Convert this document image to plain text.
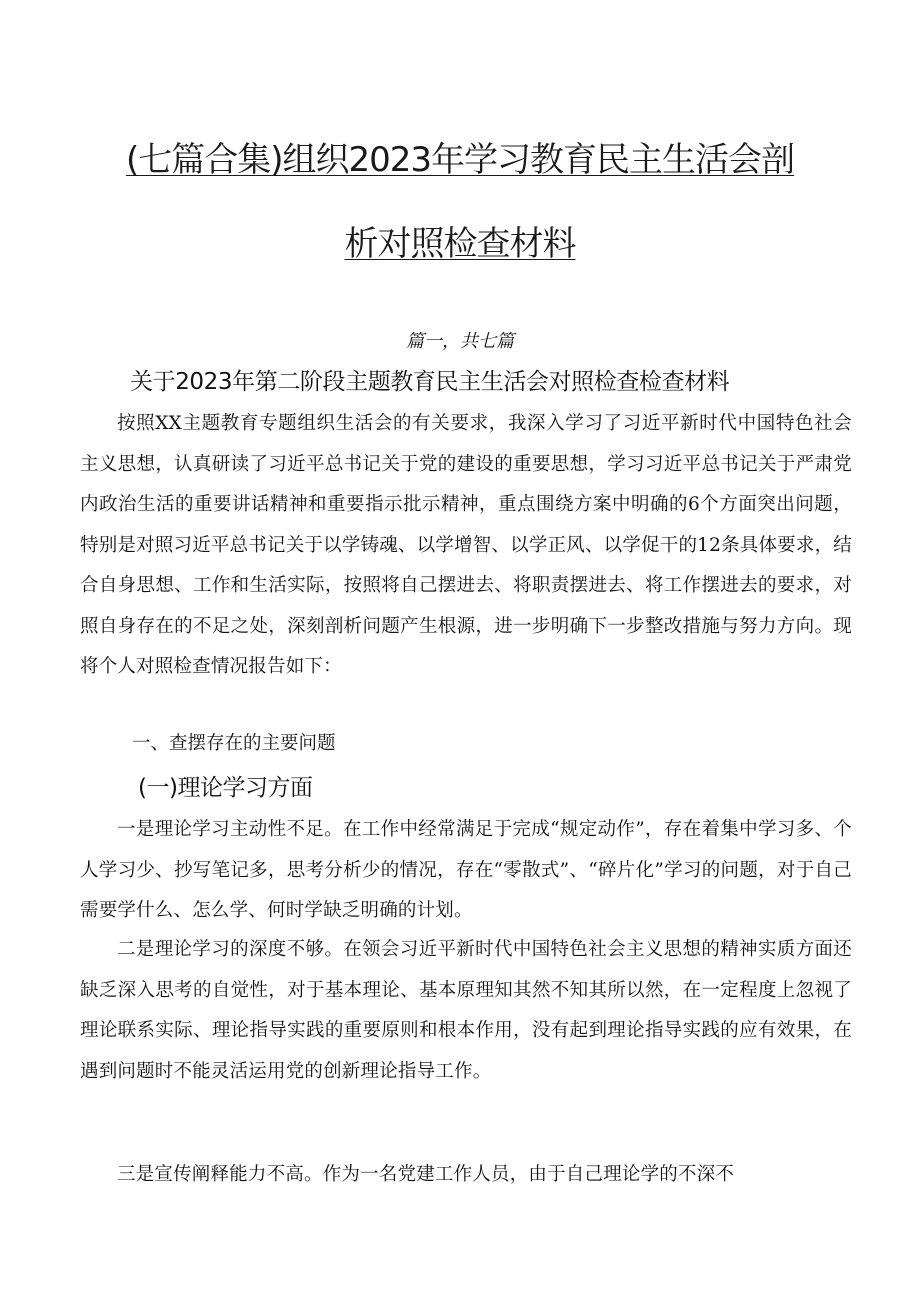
(七篇合集)组织2023年学习教育民主生活会剖
析对照检查材料
篇一，共七篇
关于2023年第二阶段主题教育民主生活会对照检查检查材料
按照XX主题教育专题组织生活会的有关要求，我深入学习了习近平新时代中国特色社会主义思想，认真研读了习近平总书记关于党的建设的重要思想，学习习近平总书记关于严肃党内政治生活的重要讲话精神和重要指示批示精神，重点围绕方案中明确的6个方面突出问题，特别是对照习近平总书记关于以学铸魂、以学增智、以学正风、以学促干的12条具体要求，结合自身思想、工作和生活实际，按照将自己摆进去、将职责摆进去、将工作摆进去的要求，对照自身存在的不足之处，深刻剖析问题产生根源，进一步明确下一步整改措施与努力方向。现将个人对照检查情况报告如下：
一、查摆存在的主要问题
(一)理论学习方面
一是理论学习主动性不足。在工作中经常满足于完成“规定动作”，存在着集中学习多、个人学习少、抄写笔记多，思考分析少的情况，存在“零散式”、“碎片化”学习的问题，对于自己需要学什么、怎么学、何时学缺乏明确的计划。
二是理论学习的深度不够。在领会习近平新时代中国特色社会主义思想的精神实质方面还缺乏深入思考的自觉性，对于基本理论、基本原理知其然不知其所以然，在一定程度上忽视了理论联系实际、理论指导实践的重要原则和根本作用，没有起到理论指导实践的应有效果，在遇到问题时不能灵活运用党的创新理论指导工作。
三是宣传阐释能力不高。作为一名党建工作人员，由于自己理论学的不深不
